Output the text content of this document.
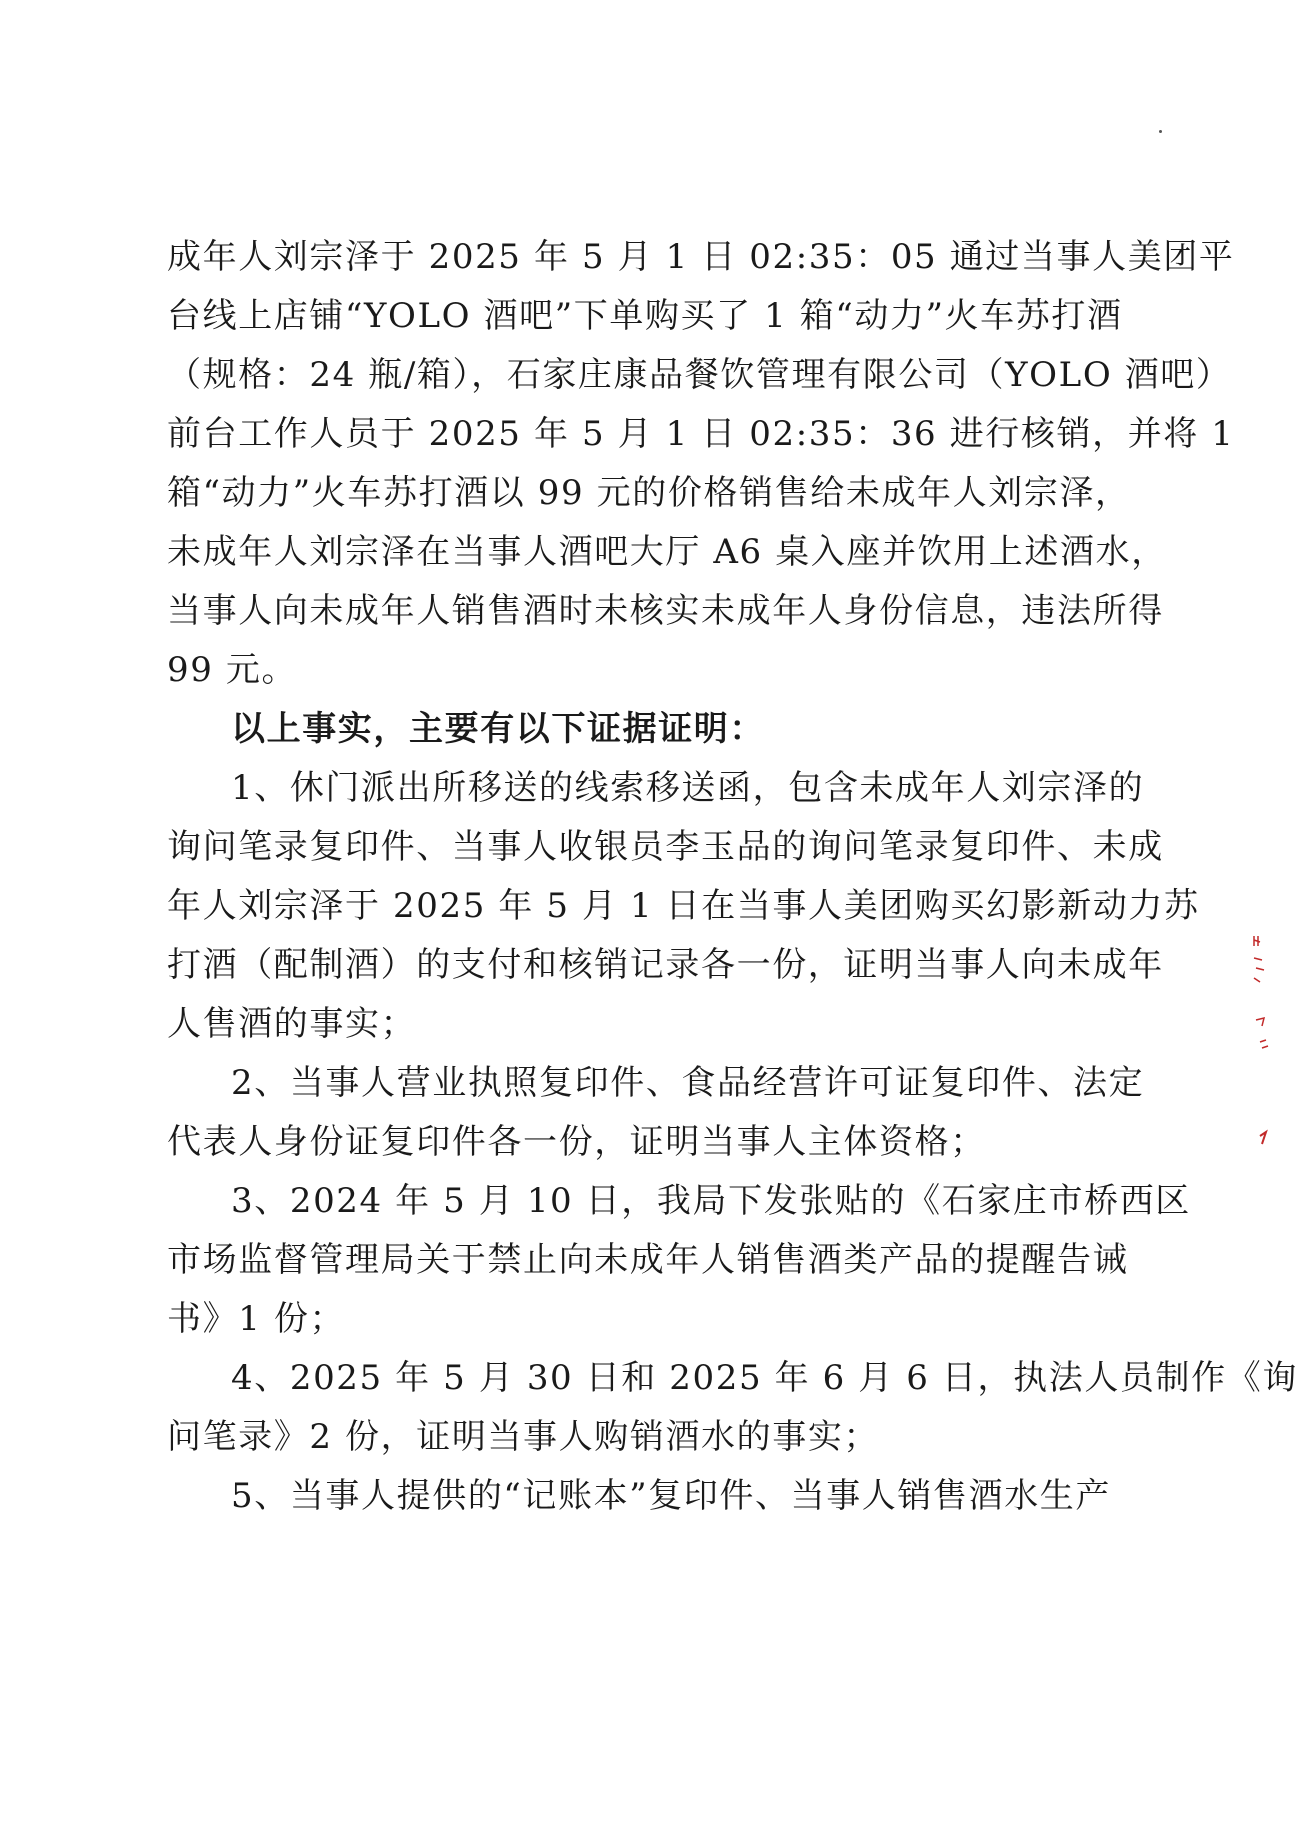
成年人刘宗泽于 2025 年 5 月 1 日 02:35：05 通过当事人美团平
台线上店铺“YOLO 酒吧”下单购买了 1 箱“动力”火车苏打酒
（规格：24 瓶/箱），石家庄康品餐饮管理有限公司（YOLO 酒吧）
前台工作人员于 2025 年 5 月 1 日 02:35：36 进行核销，并将 1
箱“动力”火车苏打酒以 99 元的价格销售给未成年人刘宗泽，
未成年人刘宗泽在当事人酒吧大厅 A6 桌入座并饮用上述酒水，
当事人向未成年人销售酒时未核实未成年人身份信息，违法所得
99 元。
以上事实，主要有以下证据证明：
1、休门派出所移送的线索移送函，包含未成年人刘宗泽的
询问笔录复印件、当事人收银员李玉品的询问笔录复印件、未成
年人刘宗泽于 2025 年 5 月 1 日在当事人美团购买幻影新动力苏
打酒（配制酒）的支付和核销记录各一份，证明当事人向未成年
人售酒的事实；
2、当事人营业执照复印件、食品经营许可证复印件、法定
代表人身份证复印件各一份，证明当事人主体资格；
3、2024 年 5 月 10 日，我局下发张贴的《石家庄市桥西区
市场监督管理局关于禁止向未成年人销售酒类产品的提醒告诫
书》1 份；
4、2025 年 5 月 30 日和 2025 年 6 月 6 日，执法人员制作《询
问笔录》2 份，证明当事人购销酒水的事实；
5、当事人提供的“记账本”复印件、当事人销售酒水生产
